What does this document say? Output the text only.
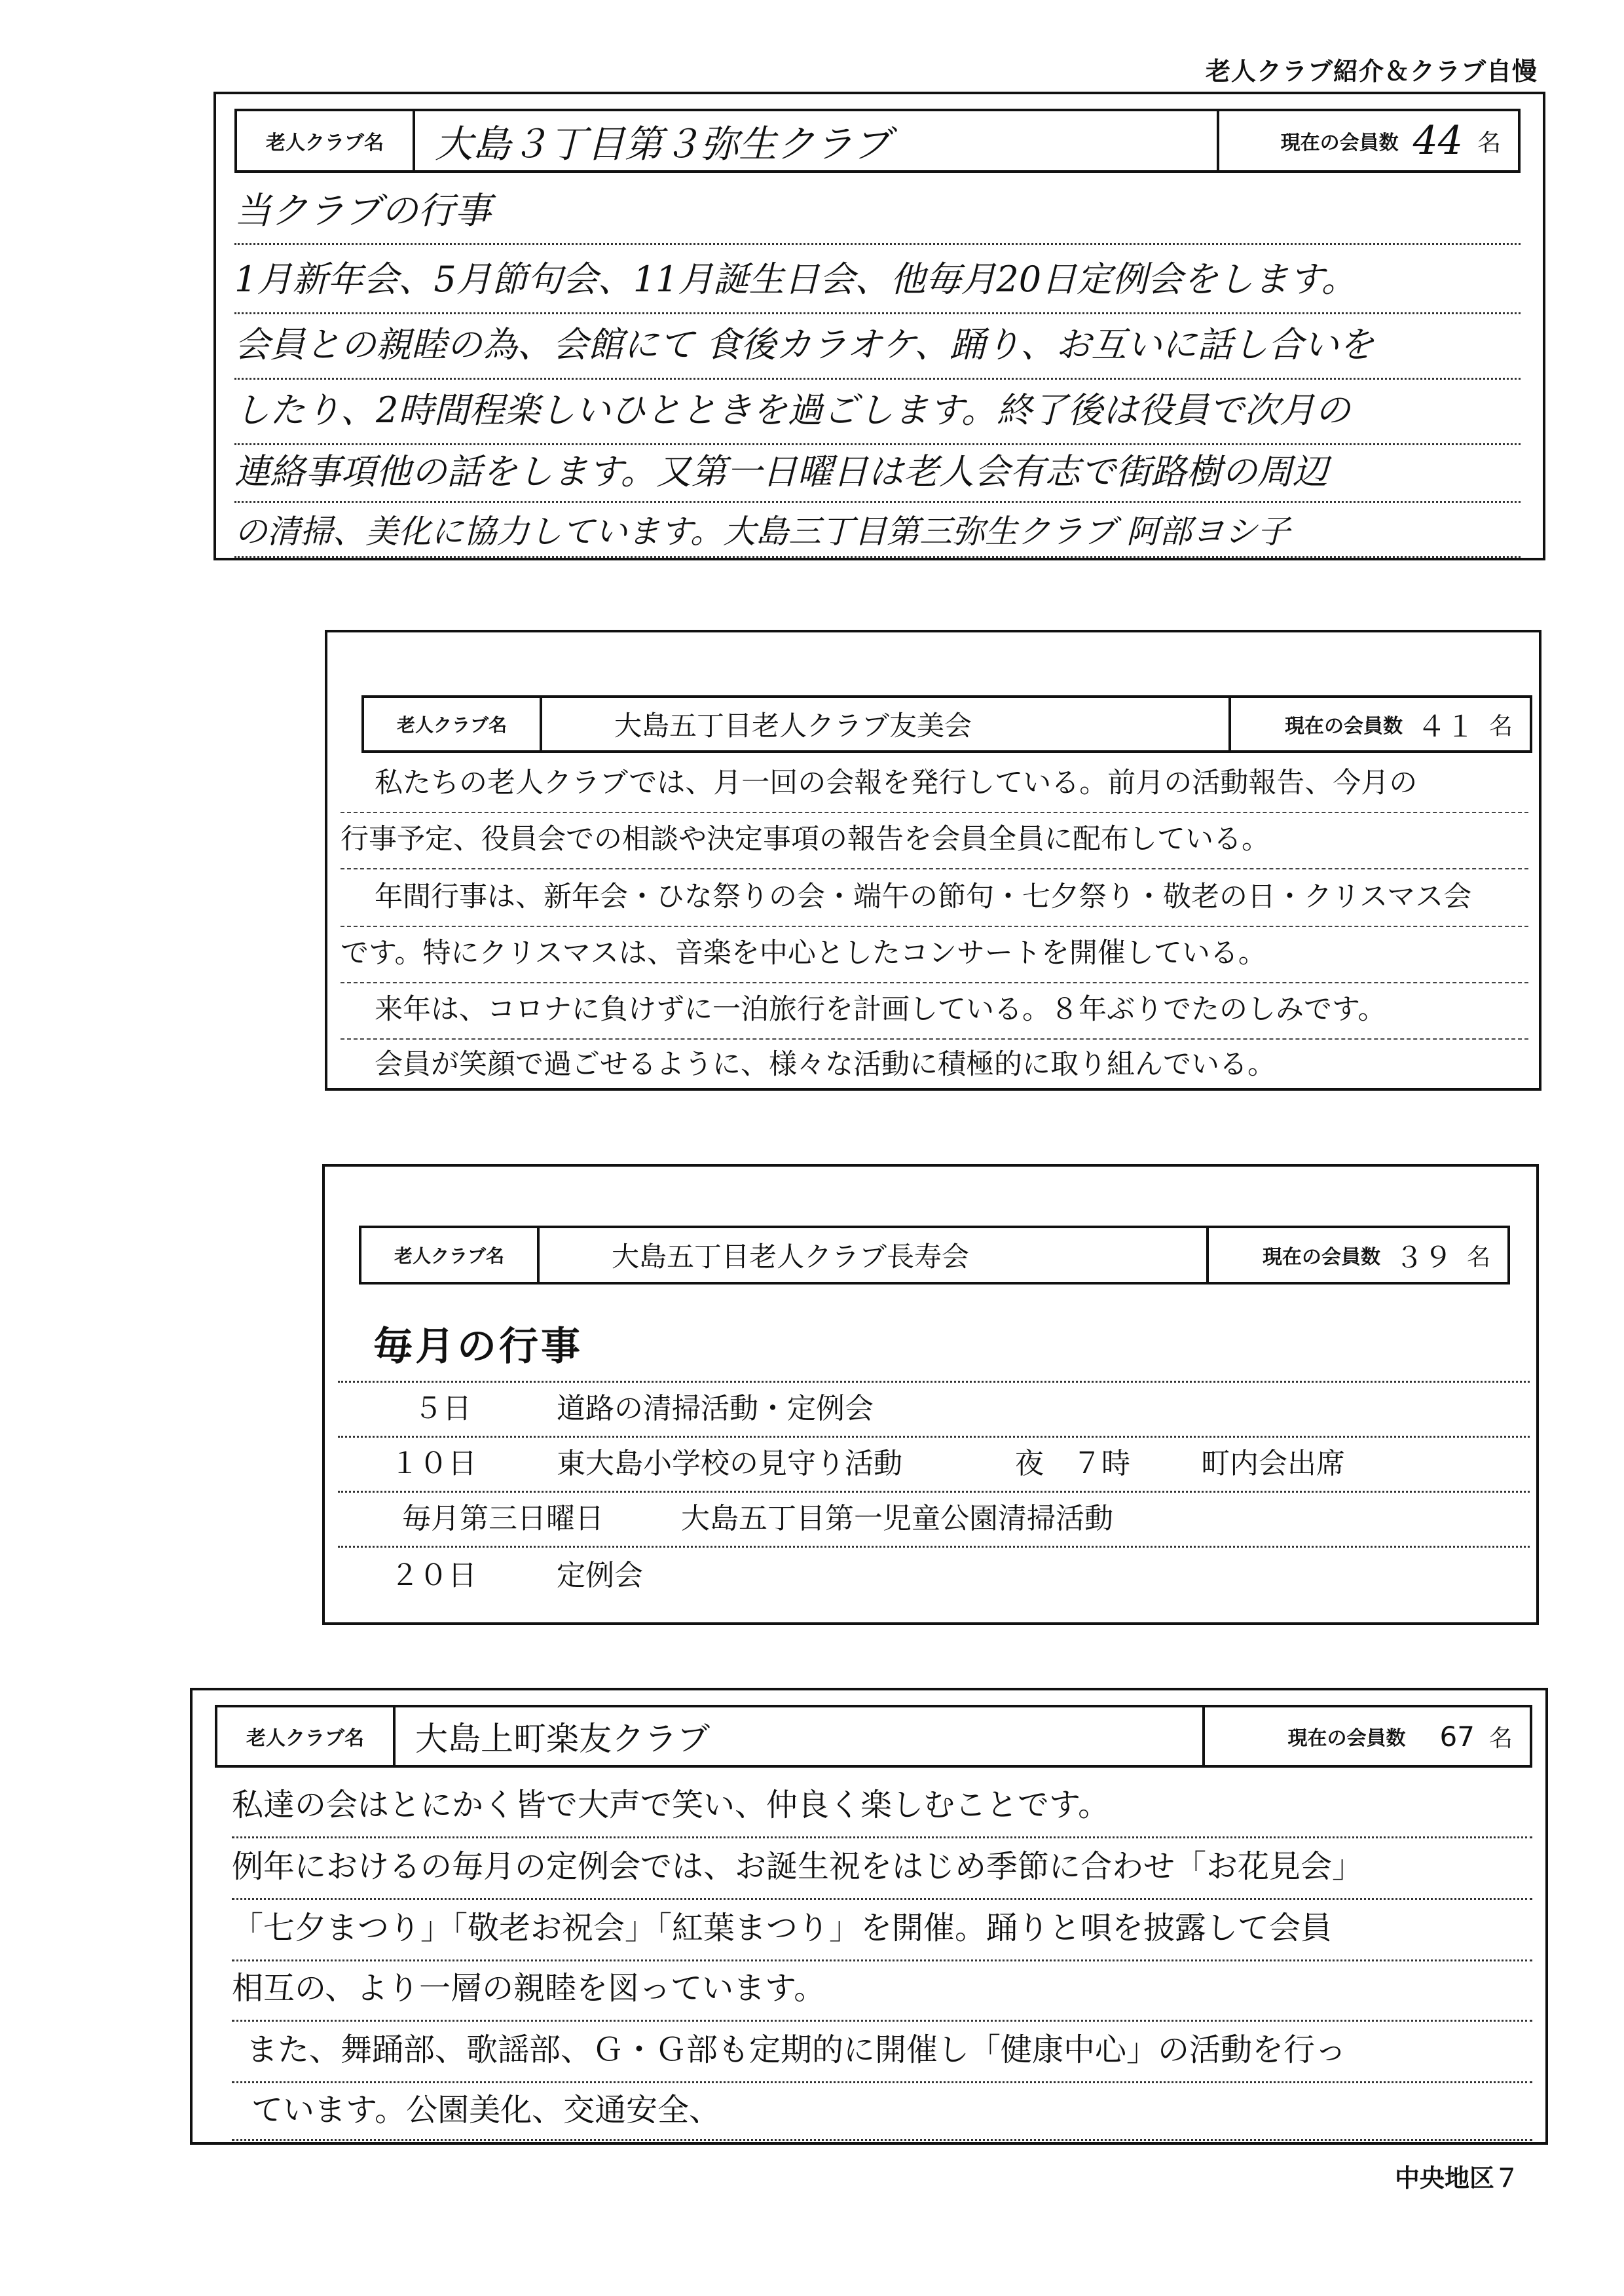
老人クラブ紹介＆クラブ自慢
老人クラブ名	大島３丁目第３弥生クラブ	現在の会員数 44 名
当クラブの行事
1月新年会、5月節句会、11月誕生日会、他毎月20日定例会をします。
会員との親睦の為、会館にて 食後カラオケ、踊り、お互いに話し合いを
したり、2時間程楽しいひとときを過ごします。終了後は役員で次月の
連絡事項他の話をします。又第一日曜日は老人会有志で街路樹の周辺
の清掃、美化に協力しています。大島三丁目第三弥生クラブ 阿部ヨシ子
老人クラブ名	大島五丁目老人クラブ友美会	現在の会員数 ４１ 名
私たちの老人クラブでは、月一回の会報を発行している。前月の活動報告、今月の
行事予定、役員会での相談や決定事項の報告を会員全員に配布している。
年間行事は、新年会・ひな祭りの会・端午の節句・七夕祭り・敬老の日・クリスマス会
です。特にクリスマスは、音楽を中心としたコンサートを開催している。
来年は、コロナに負けずに一泊旅行を計画している。８年ぶりでたのしみです。
会員が笑顔で過ごせるように、様々な活動に積極的に取り組んでいる。
老人クラブ名	大島五丁目老人クラブ長寿会	現在の会員数 ３９ 名
毎月の行事
５日	道路の清掃活動・定例会
１０日	東大島小学校の見守り活動	夜　７時	町内会出席
毎月第三日曜日	大島五丁目第一児童公園清掃活動
２０日	定例会
老人クラブ名	大島上町楽友クラブ	現在の会員数	67 名
私達の会はとにかく皆で大声で笑い、仲良く楽しむことです。
例年におけるの毎月の定例会では、お誕生祝をはじめ季節に合わせ「お花見会」
「七夕まつり」「敬老お祝会」「紅葉まつり」を開催。踊りと唄を披露して会員
相互の、より一層の親睦を図っています。
また、舞踊部、歌謡部、Ｇ・Ｇ部も定期的に開催し「健康中心」の活動を行っ
ています。公園美化、交通安全、
中央地区７
